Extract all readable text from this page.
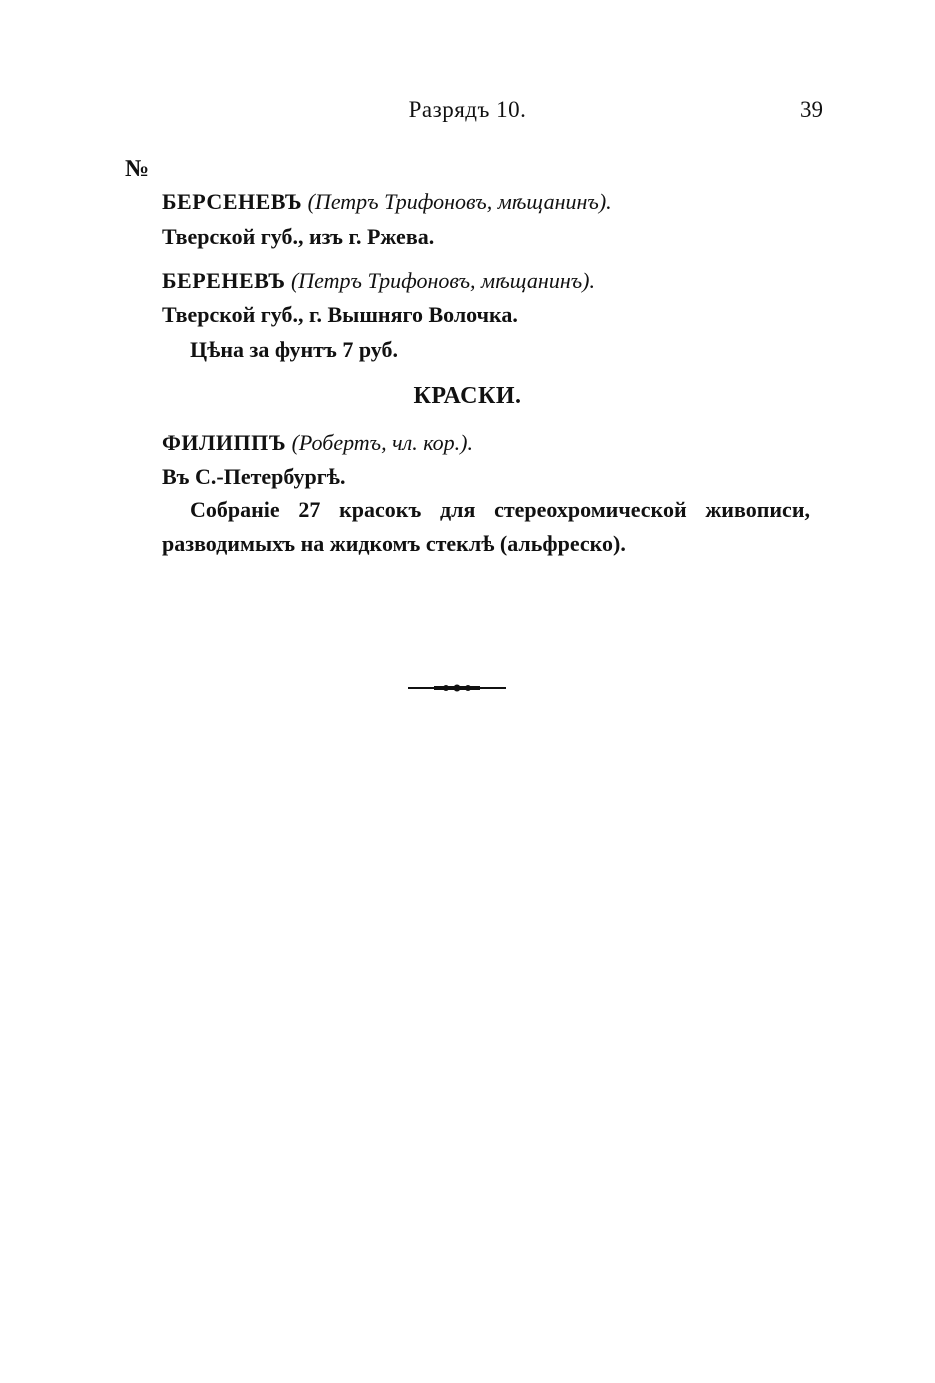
Разрядъ 10.	39
№
БЕРСЕНЕВЪ (Петръ Трифоновъ, мѣщанинъ).
Тверской губ., изъ г. Ржева.
БЕРЕНЕВЪ (Петръ Трифоновъ, мѣщанинъ).
Тверской губ., г. Вышняго Волочка.
Цѣна за фунтъ 7 руб.
КРАСКИ.
ФИЛИППЪ (Робертъ, чл. кор.).
Въ С.-Петербургѣ.
Собраніе 27 красокъ для стереохромической живописи,
разводимыхъ на жидкомъ стеклѣ (альфреско).
